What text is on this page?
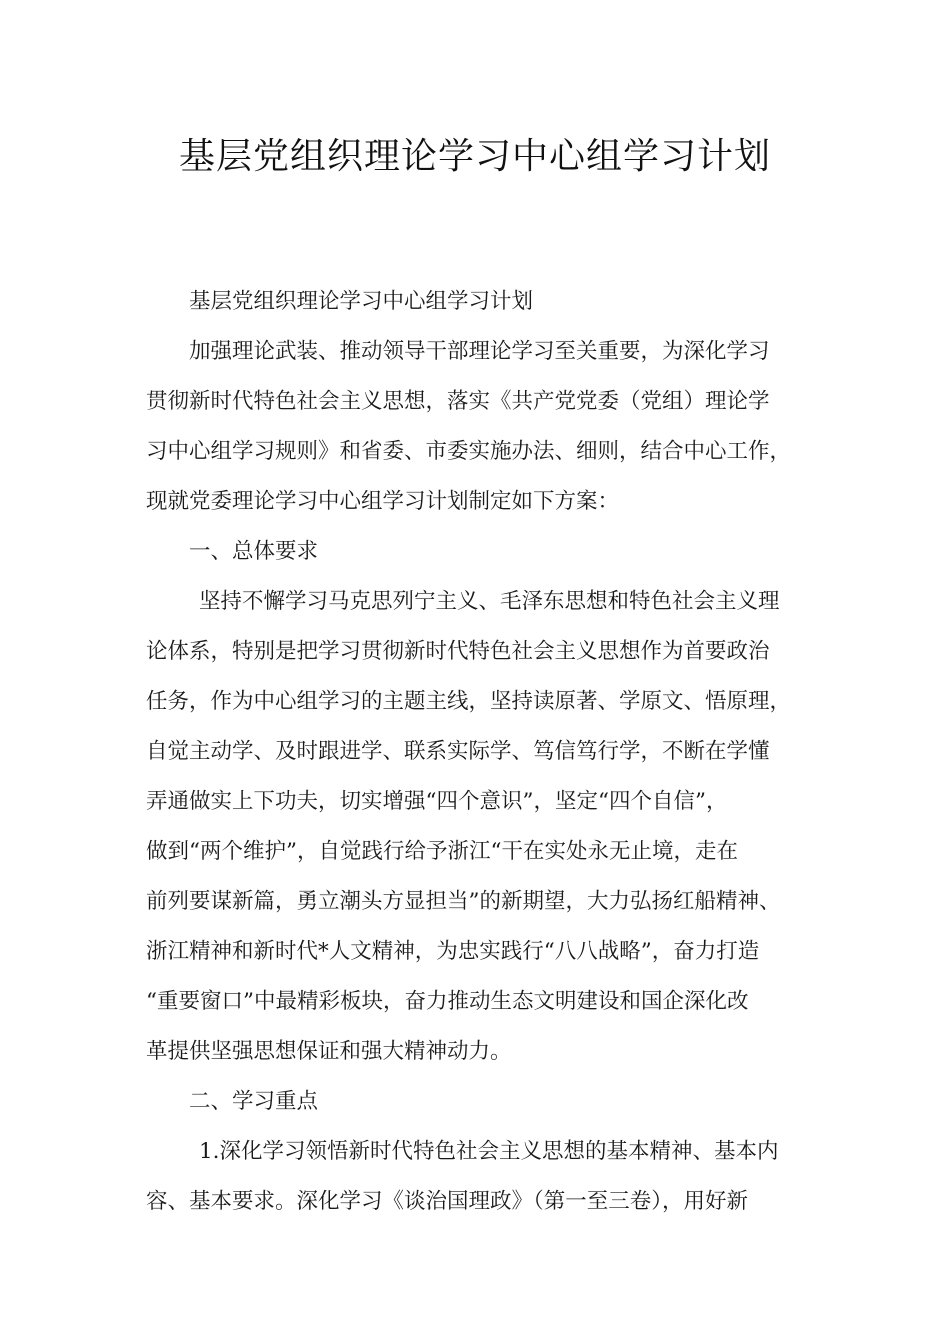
基层党组织理论学习中心组学习计划

基层党组织理论学习中心组学习计划

加强理论武装、推动领导干部理论学习至关重要，为深化学习

贯彻新时代特色社会主义思想，落实《共产党党委（党组）理论学

习中心组学习规则》和省委、市委实施办法、细则，结合中心工作，

现就党委理论学习中心组学习计划制定如下方案：

一、总体要求

坚持不懈学习马克思列宁主义、毛泽东思想和特色社会主义理

论体系，特别是把学习贯彻新时代特色社会主义思想作为首要政治

任务，作为中心组学习的主题主线，坚持读原著、学原文、悟原理，

自觉主动学、及时跟进学、联系实际学、笃信笃行学，不断在学懂

弄通做实上下功夫，切实增强“四个意识”，坚定“四个自信”，

做到“两个维护”，自觉践行给予浙江“干在实处永无止境，走在

前列要谋新篇，勇立潮头方显担当”的新期望，大力弘扬红船精神、

浙江精神和新时代*人文精神，为忠实践行“八八战略”，奋力打造

“重要窗口”中最精彩板块，奋力推动生态文明建设和国企深化改

革提供坚强思想保证和强大精神动力。

二、学习重点

1.深化学习领悟新时代特色社会主义思想的基本精神、基本内

容、基本要求。深化学习《谈治国理政》（第一至三卷），用好新
